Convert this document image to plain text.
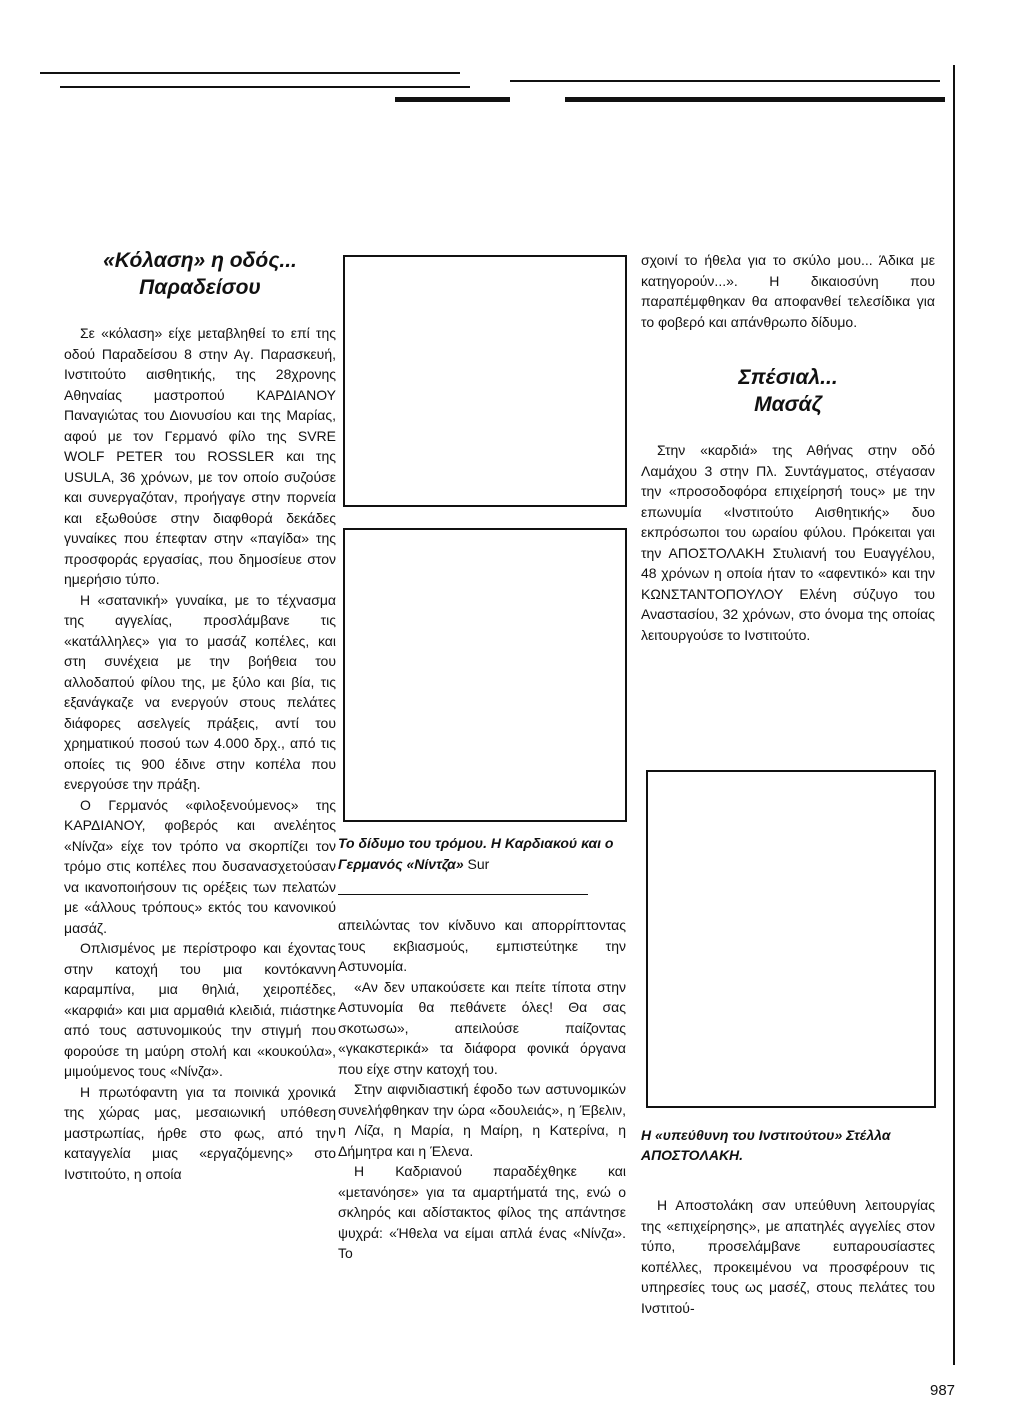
«Κόλαση» η οδός...
Παραδείσου

Σε «κόλαση» είχε μεταβληθεί το επί της οδού Παραδείσου 8 στην Αγ. Παρασκευή, Ινστιτούτο αισθητικής, της 28χρονης Αθηναίας μαστροπού ΚΑΡΔΙΑΝΟΥ Παναγιώτας του Διονυσίου και της Μαρίας, αφού με τον Γερμανό φίλο της SVRE WOLF PETER του ROSSLER και της USULA, 36 χρόνων, με τον οποίο συζούσε και συνεργαζόταν, προήγαγε στην πορνεία και εξωθούσε στην διαφθορά δεκάδες γυναίκες που έπεφταν στην «παγίδα» της προσφοράς εργασίας, που δημοσίευε στον ημερήσιο τύπο.

Η «σατανική» γυναίκα, με το τέχνασμα της αγγελίας, προσλάμβανε τις «κατάλληλες» για το μασάζ κοπέλες, και στη συνέχεια με την βοήθεια του αλλοδαπού φίλου της, με ξύλο και βία, τις εξανάγκαζε να ενεργούν στους πελάτες διάφορες ασελγείς πράξεις, αντί του χρηματικού ποσού των 4.000 δρχ., από τις οποίες τις 900 έδινε στην κοπέλα που ενεργούσε την πράξη.

Ο Γερμανός «φιλοξενούμενος» της ΚΑΡΔΙΑΝΟΥ, φοβερός και ανελέητος «Νίνζα» είχε τον τρόπο να σκορπίζει τον τρόμο στις κοπέλες που δυσανασχετούσαν να ικανοποιήσουν τις ορέξεις των πελατών με «άλλους τρόπους» εκτός του κανονικού μασάζ.

Οπλισμένος με περίστροφο και έχοντας στην κατοχή του μια κοντόκαννη καραμπίνα, μια θηλιά, χειροπέδες, «καρφιά» και μια αρμαθιά κλειδιά, πιάστηκε από τους αστυνομικούς την στιγμή που φορούσε τη μαύρη στολή και «κουκούλα», μιμούμενος τους «Νίνζα».

Η πρωτόφαντη για τα ποινικά χρονικά της χώρας μας, μεσαιωνική υπόθεση μαστρωπίας, ήρθε στο φως, από την καταγγελία μιας «εργαζόμενης» στο Ινστιτούτο, η οποία

Το δίδυμο του τρόμου. Η Καρδιακού και ο Γερμανός «Νίντζα» Sur

απειλώντας τον κίνδυνο και απορρίπτοντας τους εκβιασμούς, εμπιστεύτηκε την Αστυνομία.

«Αν δεν υπακούσετε και πείτε τίποτα στην Αστυνομία θα πεθάνετε όλες! Θα σας σκοτωσω», απειλούσε παίζοντας «γκακστερικά» τα διάφορα φονικά όργανα που είχε στην κατοχή του.

Στην αιφνιδιαστική έφοδο των αστυνομικών συνελήφθηκαν την ώρα «δουλειάς», η Έβελιν, η Λίζα, η Μαρία, η Μαίρη, η Κατερίνα, η Δήμητρα και η Έλενα.

Η Καδριανού παραδέχθηκε και «μετανόησε» για τα αμαρτήματά της, ενώ ο σκληρός και αδίστακτος φίλος της απάντησε ψυχρά: «Ήθελα να είμαι απλά ένας «Νίνζα». Το

σχοινί το ήθελα για το σκύλο μου... Άδικα με κατηγορούν...». Η δικαιοσύνη που παραπέμφθηκαν θα αποφανθεί τελεσίδικα για το φοβερό και απάνθρωπο δίδυμο.

Σπέσιαλ...
Μασάζ

Στην «καρδιά» της Αθήνας στην οδό Λαμάχου 3 στην Πλ. Συντάγματος, στέγασαν την «προσοδοφόρα επιχείρησή τους» με την επωνυμία «Ινστιτούτο Αισθητικής» δυο εκπρόσωποι του ωραίου φύλου. Πρόκειται γαι την ΑΠΟΣΤΟΛΑΚΗ Στυλιανή του Ευαγγέλου, 48 χρόνων η οποία ήταν το «αφεντικό» και την ΚΩΝΣΤΑΝΤΟΠΟΥΛΟΥ Ελένη σύζυγο του Αναστασίου, 32 χρόνων, στο όνομα της οποίας λειτουργούσε το Ινστιτούτο.

Η «υπεύθυνη του Ινστιτούτου» Στέλλα ΑΠΟΣΤΟΛΑΚΗ.

Η Αποστολάκη σαν υπεύθυνη λειτουργίας της «επιχείρησης», με απατηλές αγγελίες στον τύπο, προσελάμβανε ευπαρουσίαστες κοπέλλες, προκειμένου να προσφέρουν τις υπηρεσίες τους ως μασέζ, στους πελάτες του Ινστιτού-

987
